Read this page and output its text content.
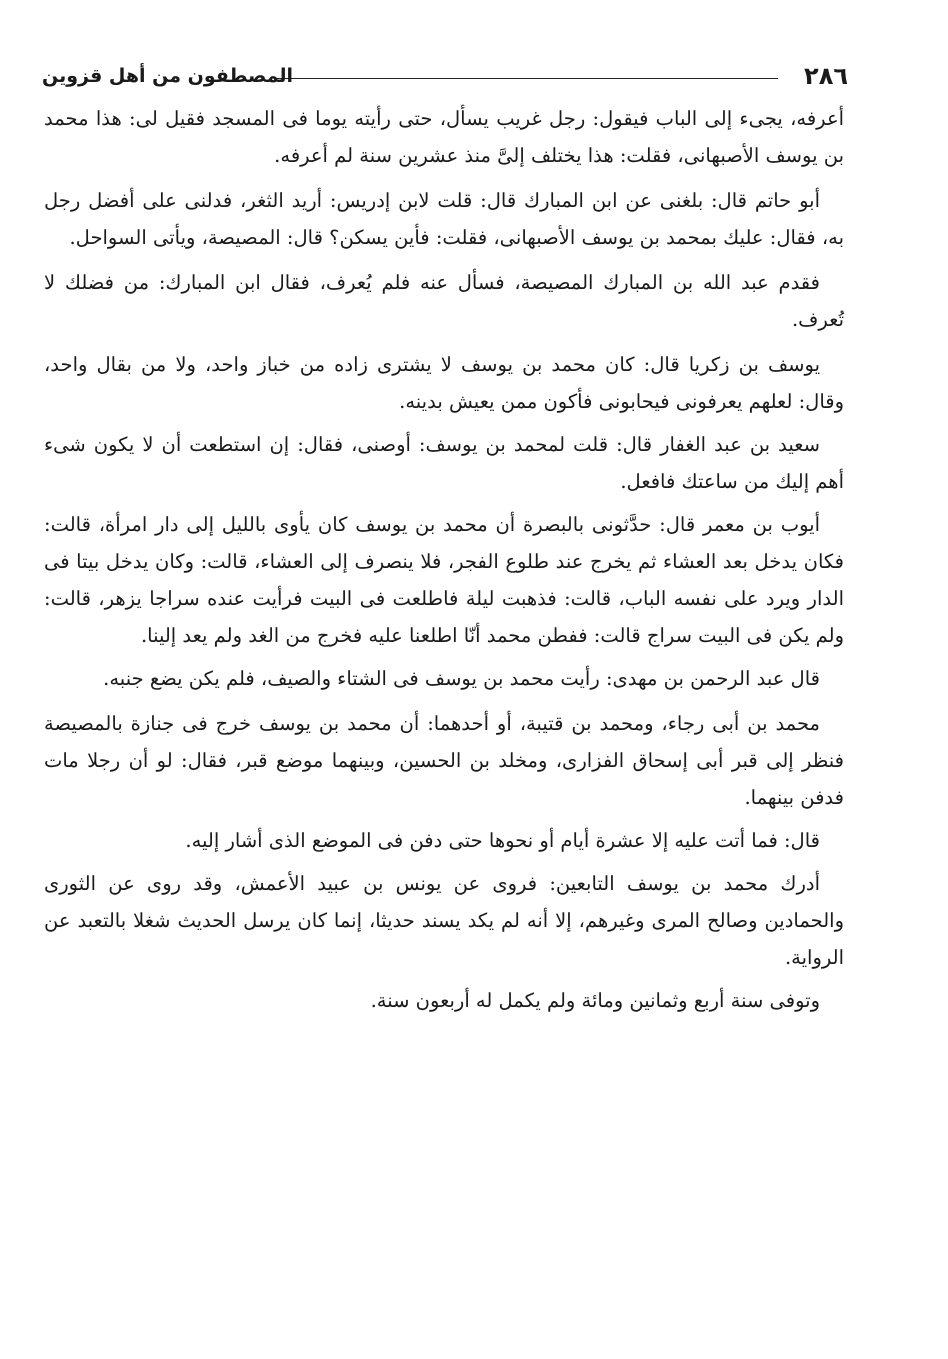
٢٨٦
المصطفون من أهل قزوين

أعرفه، يجىء إلى الباب فيقول: رجل غريب يسأل، حتى رأيته يوما فى المسجد فقيل لى: هذا محمد بن يوسف الأصبهانى، فقلت: هذا يختلف إلىَّ منذ عشرين سنة لم أعرفه.

أبو حاتم قال: بلغنى عن ابن المبارك قال: قلت لابن إدريس: أريد الثغر، فدلنى على أفضل رجل به، فقال: عليك بمحمد بن يوسف الأصبهانى، فقلت: فأين يسكن؟ قال: المصيصة، ويأتى السواحل.

فقدم عبد الله بن المبارك المصيصة، فسأل عنه فلم يُعرف، فقال ابن المبارك: من فضلك لا تُعرف.

يوسف بن زكريا قال: كان محمد بن يوسف لا يشترى زاده من خباز واحد، ولا من بقال واحد، وقال: لعلهم يعرفونى فيحابونى فأكون ممن يعيش بدينه.

سعيد بن عبد الغفار قال: قلت لمحمد بن يوسف: أوصنى، فقال: إن استطعت أن لا يكون شىء أهم إليك من ساعتك فافعل.

أيوب بن معمر قال: حدَّثونى بالبصرة أن محمد بن يوسف كان يأوى بالليل إلى دار امرأة، قالت: فكان يدخل بعد العشاء ثم يخرج عند طلوع الفجر، فلا ينصرف إلى العشاء، قالت: وكان يدخل بيتا فى الدار ويرد على نفسه الباب، قالت: فذهبت ليلة فاطلعت فى البيت فرأيت عنده سراجا يزهر، قالت: ولم يكن فى البيت سراج قالت: ففطن محمد أنّا اطلعنا عليه فخرج من الغد ولم يعد إلينا.

قال عبد الرحمن بن مهدى: رأيت محمد بن يوسف فى الشتاء والصيف، فلم يكن يضع جنبه.

محمد بن أبى رجاء، ومحمد بن قتيبة، أو أحدهما: أن محمد بن يوسف خرج فى جنازة بالمصيصة فنظر إلى قبر أبى إسحاق الفزارى، ومخلد بن الحسين، وبينهما موضع قبر، فقال: لو أن رجلا مات فدفن بينهما.

قال: فما أتت عليه إلا عشرة أيام أو نحوها حتى دفن فى الموضع الذى أشار إليه.

أدرك محمد بن يوسف التابعين: فروى عن يونس بن عبيد الأعمش، وقد روى عن الثورى والحمادين وصالح المرى وغيرهم، إلا أنه لم يكد يسند حديثا، إنما كان يرسل الحديث شغلا بالتعبد عن الرواية.

وتوفى سنة أربع وثمانين ومائة ولم يكمل له أربعون سنة.
